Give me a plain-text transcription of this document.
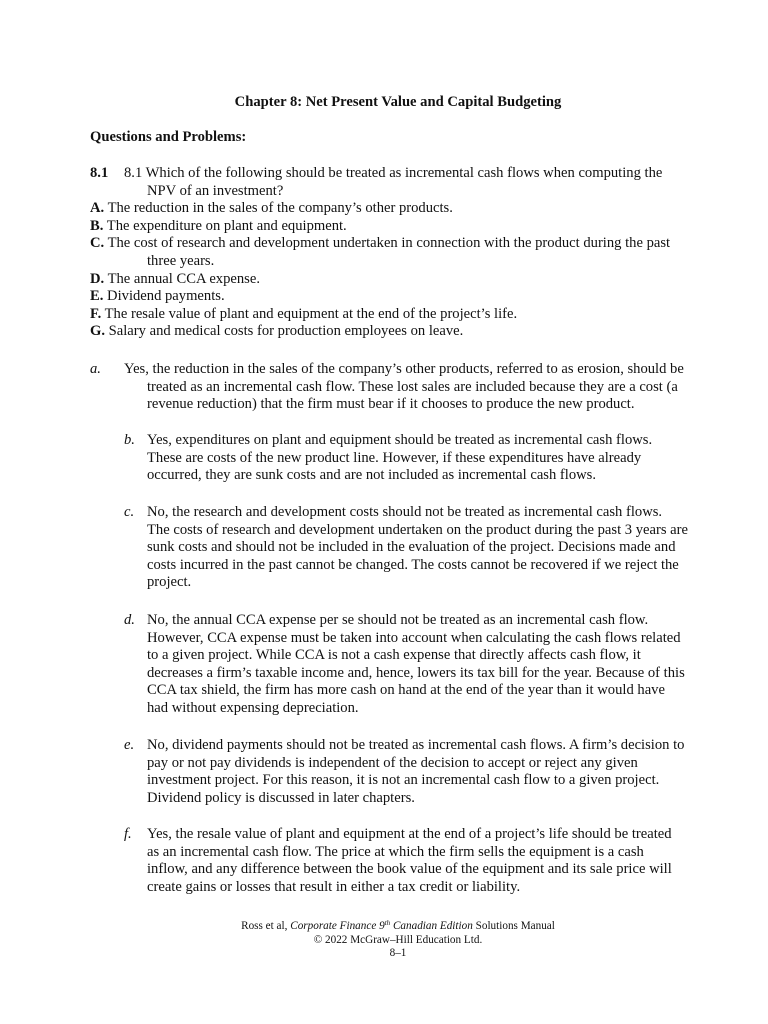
Chapter 8: Net Present Value and Capital Budgeting
Questions and Problems:
8.1	8.1 Which of the following should be treated as incremental cash flows when computing the
NPV of an investment?
A. The reduction in the sales of the company’s other products.
B. The expenditure on plant and equipment.
C. The cost of research and development undertaken in connection with the product during the past
three years.
D. The annual CCA expense.
E. Dividend payments.
F. The resale value of plant and equipment at the end of the project’s life.
G. Salary and medical costs for production employees on leave.
a.	Yes, the reduction in the sales of the company’s other products, referred to as erosion, should be
treated as an incremental cash flow. These lost sales are included because they are a cost (a
revenue reduction) that the firm must bear if it chooses to produce the new product.
b. Yes, expenditures on plant and equipment should be treated as incremental cash flows.
These are costs of the new product line. However, if these expenditures have already
occurred, they are sunk costs and are not included as incremental cash flows.
c. No, the research and development costs should not be treated as incremental cash flows.
The costs of research and development undertaken on the product during the past 3 years are
sunk costs and should not be included in the evaluation of the project. Decisions made and
costs incurred in the past cannot be changed. The costs cannot be recovered if we reject the
project.
d. No, the annual CCA expense per se should not be treated as an incremental cash flow.
However, CCA expense must be taken into account when calculating the cash flows related
to a given project. While CCA is not a cash expense that directly affects cash flow, it
decreases a firm’s taxable income and, hence, lowers its tax bill for the year. Because of this
CCA tax shield, the firm has more cash on hand at the end of the year than it would have
had without expensing depreciation.
e. No, dividend payments should not be treated as incremental cash flows. A firm’s decision to
pay or not pay dividends is independent of the decision to accept or reject any given
investment project. For this reason, it is not an incremental cash flow to a given project.
Dividend policy is discussed in later chapters.
f. Yes, the resale value of plant and equipment at the end of a project’s life should be treated
as an incremental cash flow. The price at which the firm sells the equipment is a cash
inflow, and any difference between the book value of the equipment and its sale price will
create gains or losses that result in either a tax credit or liability.
Ross et al, Corporate Finance 9th Canadian Edition Solutions Manual
© 2022 McGraw–Hill Education Ltd.
8–1
